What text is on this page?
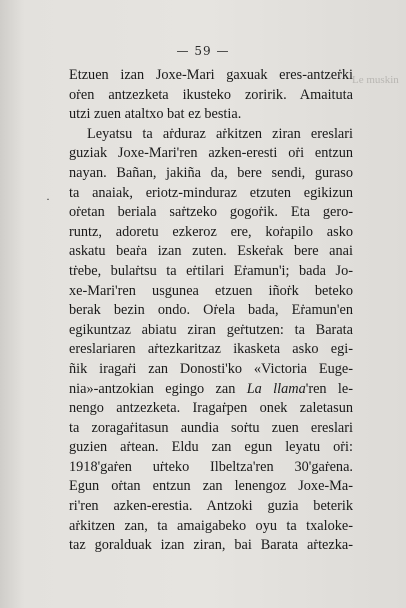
— 59 —
Le muskin
·
Etzuen izan Joxe-Mari gaxuak eres-antzeṙki
oṙen antzezketa ikusteko zoririk. Amaituta
utzi zuen ataltxo bat ez bestia.
Leyatsu ta aṙduraz aṙkitzen ziran ereslari
guziak Joxe-Mari'ren azken-eresti oṙi entzun
nayan. Bañan, jakiña da, bere sendi, guraso
ta anaiak, eriotz-minduraz etzuten egikizun
oṙetan beriala saṙtzeko gogoṙik. Eta gero-
runtz, adoretu ezkeroz ere, koṙapilo asko
askatu beaṙa izan zuten. Eskeṙak bere anai
tṙebe, bulaṙtsu ta eṙtilari Eṙamun'i; bada Jo-
xe-Mari'ren usgunea etzuen iñoṙk beteko
berak bezin ondo. Oṙela bada, Eṙamun'en
egikuntzaz abiatu ziran geṙtutzen: ta Barata
ereslariaren aṙtezkaritzaz ikasketa asko egi-
ñik iragaṙi zan Donosti'ko «Victoria Euge-
nia»-antzokian egingo zan La llama'ren le-
nengo antzezketa. Iragaṙpen onek zaletasun
ta zoragaṙitasun aundia soṙtu zuen ereslari
guzien aṙtean. Eldu zan egun leyatu oṙi:
1918'gaṙen uṙteko Ilbeltza'ren 30'gaṙena.
Egun oṙtan entzun zan lenengoz Joxe-Ma-
ri'ren azken-erestia. Antzoki guzia beterik
aṙkitzen zan, ta amaigabeko oyu ta txaloke-
taz goralduak izan ziran, bai Barata aṙtezka-
